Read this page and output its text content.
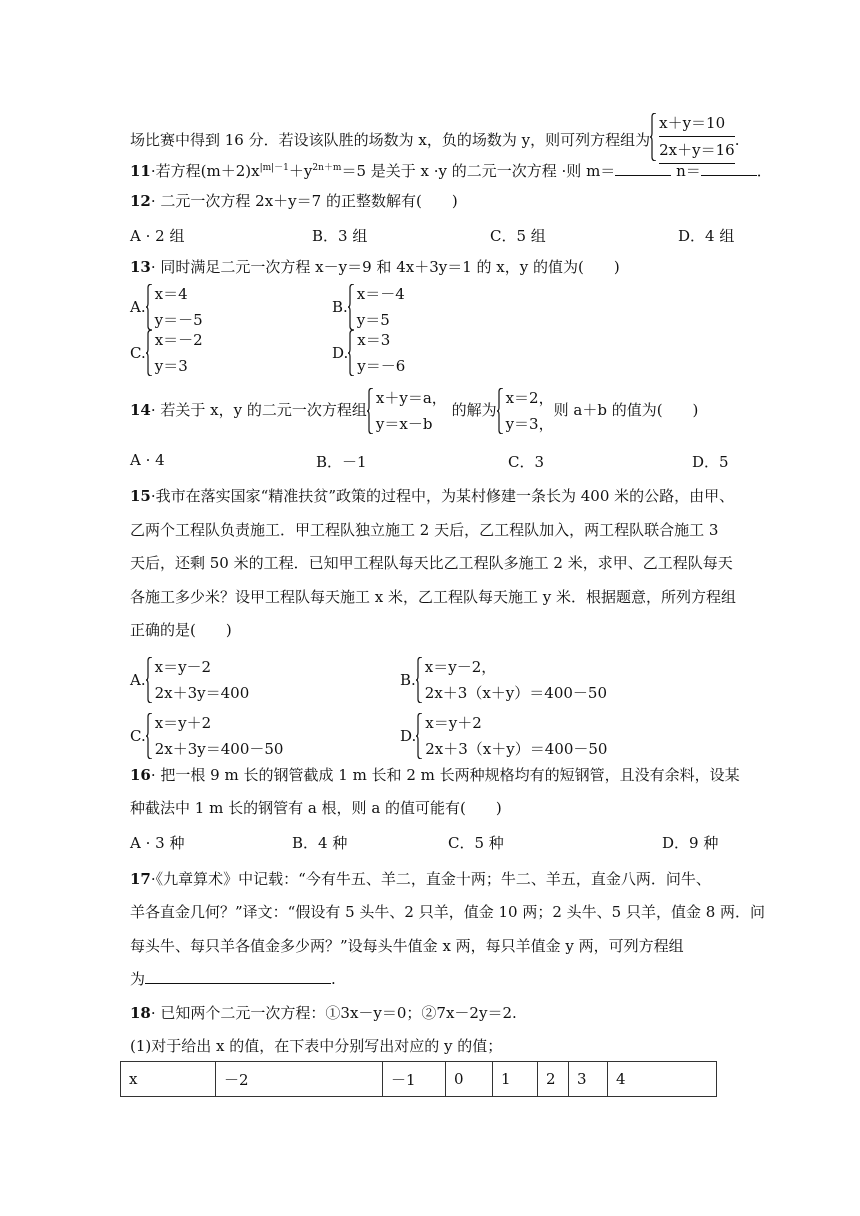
场比赛中得到 16 分．若设该队胜的场数为 x，负的场数为 y，则可列方程组为 $\frac{x+y=10}{2x+y=16}$ .
11·若方程$(m+2)x^{|m|-1}+y^{2n+m}=5$ 是关于 x ·y 的二元一次方程 ·则 m＝	n＝	．
12· 二元一次方程 2x＋y＝7 的正整数解有(　　)
A · 2 组	B．3 组	C．5 组	D．4 组
13· 同时满足二元一次方程 x－y＝9 和 4x＋3y＝1 的 x，y 的值为(　　)
A.
x＝4
y＝－5
B.
x＝－4
y＝5
C.
x＝－2
y＝3
D.
x＝3
y＝－6
14· 若关于 x，y 的二元一次方程组
x＋y＝a，
y＝x－b
的解为
x＝2，
y＝3，
则 a＋b 的值为(　　)
A · 4	B．－1	C．3	D．5
15·我市在落实国家“精准扶贫”政策的过程中，为某村修建一条长为 400 米的公路，由甲、
乙两个工程队负责施工．甲工程队独立施工 2 天后，乙工程队加入，两工程队联合施工 3
天后，还剩 50 米的工程．已知甲工程队每天比乙工程队多施工 2 米，求甲、乙工程队每天
各施工多少米？设甲工程队每天施工 x 米，乙工程队每天施工 y 米．根据题意，所列方程组
正确的是(　　)
A.
x＝y－2
2x＋3y＝400
B.
x＝y－2，
2x＋3（x＋y）＝400－50
C.
x＝y＋2
2x＋3y＝400－50
D.
x＝y＋2
2x＋3（x＋y）＝400－50
16· 把一根 9 m 长的钢管截成 1 m 长和 2 m 长两种规格均有的短钢管，且没有余料，设某
种截法中 1 m 长的钢管有 a 根，则 a 的值可能有(　　)
A · 3 种	B．4 种	C．5 种	D．9 种
17·《九章算术》中记载：“今有牛五、羊二，直金十两；牛二、羊五，直金八两．问牛、
羊各直金几何？”译文：“假设有 5 头牛、2 只羊，值金 10 两；2 头牛、5 只羊，值金 8 两．问
每头牛、每只羊各值金多少两？”设每头牛值金 x 两，每只羊值金 y 两，可列方程组
为	.
18· 已知两个二元一次方程：①3x－y＝0；②7x－2y＝2.
(1)对于给出 x 的值，在下表中分别写出对应的 y 的值；
x	－2	－1	0	1	2	3	4
